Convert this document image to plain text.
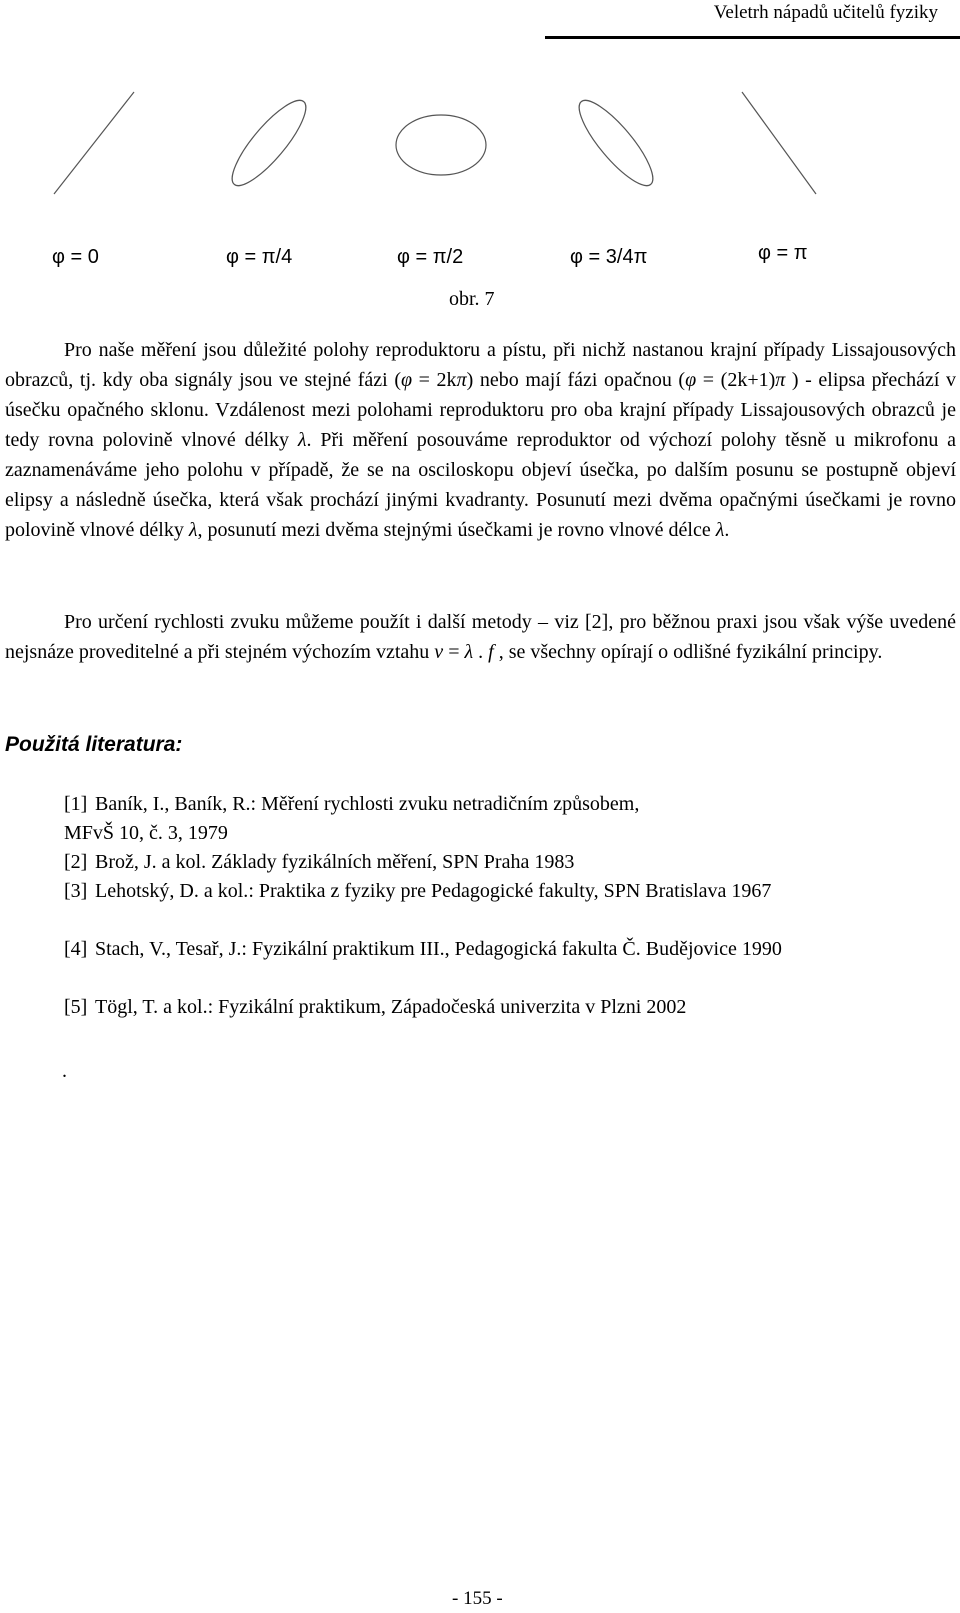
Veletrh nápadů učitelů fyziky
φ = 0	φ = π/4	φ = π/2	φ = 3/4π	φ = π
obr. 7

Pro naše měření jsou důležité polohy reproduktoru a pístu, při nichž nastanou krajní případy Lissajousových obrazců, tj. kdy oba signály jsou ve stejné fázi (φ = 2kπ) nebo mají fázi opačnou (φ = (2k+1)π ) - elipsa přechází v úsečku opačného sklonu. Vzdálenost mezi polohami reproduktoru pro oba krajní případy Lissajousových obrazců je tedy rovna polovině vlnové délky λ. Při měření posouváme reproduktor od výchozí polohy těsně u mikrofonu a zaznamenáváme jeho polohu v případě, že se na osciloskopu objeví úsečka, po dalším posunu se postupně objeví elipsy a následně úsečka, která však prochází jinými kvadranty. Posunutí mezi dvěma opačnými úsečkami je rovno polovině vlnové délky λ, posunutí mezi dvěma stejnými úsečkami je rovno vlnové délce λ.

Pro určení rychlosti zvuku můžeme použít i další metody – viz [2], pro běžnou praxi jsou však výše uvedené nejsnáze proveditelné a při stejném výchozím vztahu v = λ . f , se všechny opírají o odlišné fyzikální principy.

Použitá literatura:
[1] Baník, I., Baník, R.: Měření rychlosti zvuku netradičním způsobem,
MFvŠ 10, č. 3, 1979
[2] Brož, J. a kol. Základy fyzikálních měření, SPN Praha 1983
[3] Lehotský, D. a kol.: Praktika z fyziky pre Pedagogické fakulty, SPN Bratislava 1967
[4] Stach, V., Tesař, J.: Fyzikální praktikum III., Pedagogická fakulta Č. Budějovice 1990
[5] Tögl, T. a kol.: Fyzikální praktikum, Západočeská univerzita v Plzni 2002
.
- 155 -
